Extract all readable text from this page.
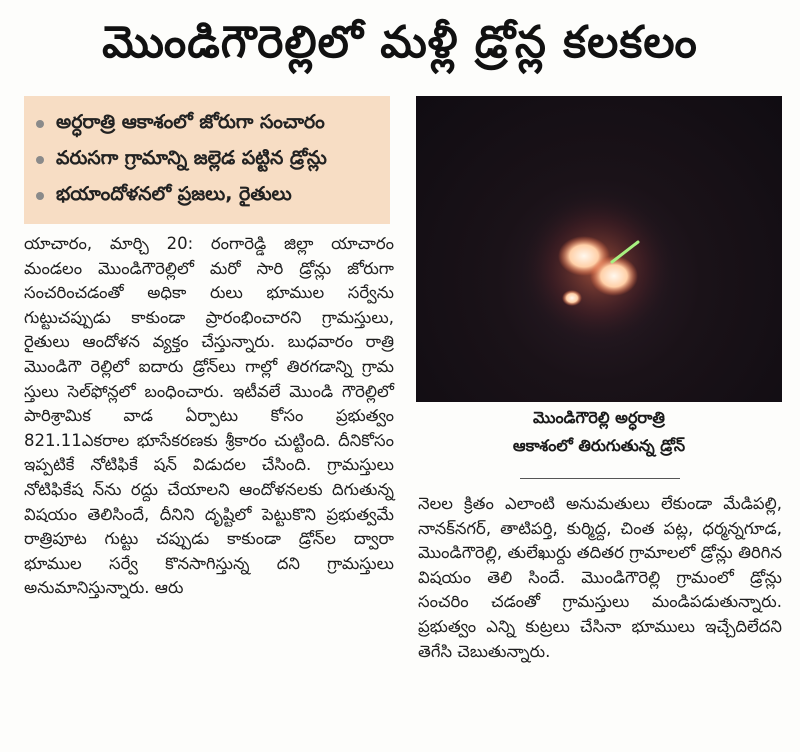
మొండిగౌరెల్లిలో మళ్లీ డ్రోన్ల కలకలం
అర్ధరాత్రి ఆకాశంలో జోరుగా సంచారం
వరుసగా గ్రామాన్ని జల్లెడ పట్టిన డ్రోన్లు
భయాందోళనలో ప్రజలు, రైతులు
మొండిగౌరెల్లి అర్ధరాత్రి
ఆకాశంలో తిరుగుతున్న డ్రోన్

యాచారం, మార్చి 20: రంగారెడ్డి జిల్లా యాచారం మండలం మొండిగౌరెల్లిలో మరో సారి డ్రోన్లు జోరుగా సంచరించడంతో అధికా రులు భూముల సర్వేను గుట్టుచప్పుడు కాకుండా ప్రారంభించారని గ్రామస్తులు, రైతులు ఆందోళన వ్యక్తం చేస్తున్నారు. బుధవారం రాత్రి మొండిగౌ రెల్లిలో ఐదారు డ్రోన్‌లు గాల్లో తిరగడాన్ని గ్రామ స్తులు సెల్‌ఫోన్లలో బంధించారు. ఇటీవలే మొండి గౌరెల్లిలో పారిశ్రామిక వాడ ఏర్పాటు కోసం ప్రభుత్వం 821.11ఎకరాల భూసేకరణకు శ్రీకారం చుట్టింది. దీనికోసం ఇప్పటికే నోటిఫికే షన్ విడుదల చేసింది. గ్రామస్తులు నోటిఫికేష న్‌ను రద్దు చేయాలని ఆందోళనలకు దిగుతున్న విషయం తెలిసిందే, దీనిని దృష్టిలో పెట్టుకొని ప్రభుత్వమే రాత్రిపూట గుట్టు చప్పుడు కాకుండా డ్రోన్‌ల ద్వారా భూముల సర్వే కొనసాగిస్తున్న దని గ్రామస్తులు అనుమానిస్తున్నారు. ఆరు

నెలల క్రితం ఎలాంటి అనుమతులు లేకుండా మేడిపల్లి, నానక్‌నగర్, తాటిపర్తి, కుర్మిద్ద, చింత పట్ల, ధర్మన్నగూడ, మొండిగౌరెల్లి, తులేఖుర్దు తదితర గ్రామాలలో డ్రోన్లు తిరిగిన విషయం తెలి సిందే. మొండిగౌరెల్లి గ్రామంలో డ్రోన్లు సంచరిం చడంతో గ్రామస్తులు మండిపడుతున్నారు. ప్రభుత్వం ఎన్ని కుట్రలు చేసినా భూములు ఇచ్చేదిలేదని తెగేసి చెబుతున్నారు.
